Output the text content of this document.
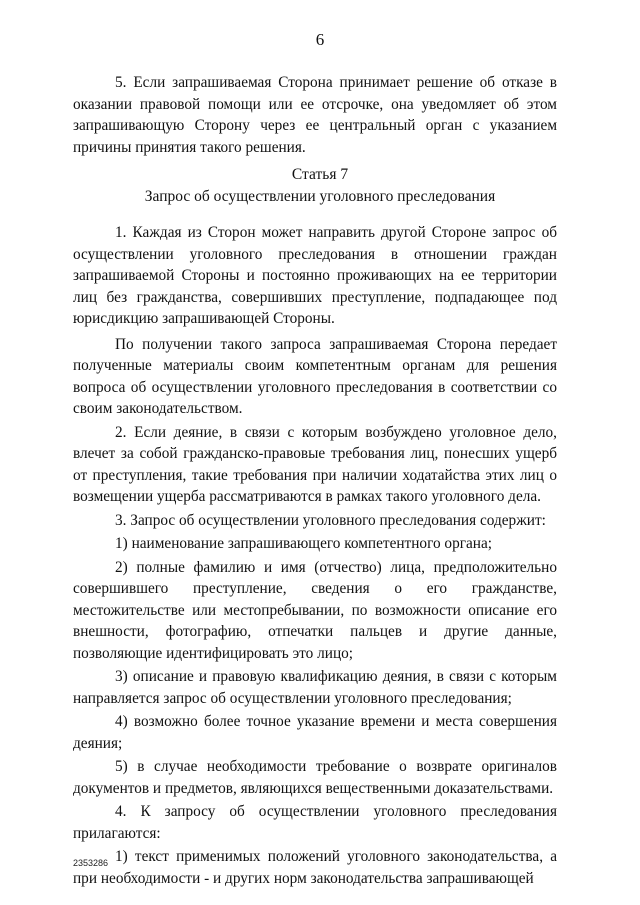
6

5. Если запрашиваемая Сторона принимает решение об отказе в оказании правовой помощи или ее отсрочке, она уведомляет об этом запрашивающую Сторону через ее центральный орган с указанием причины принятия такого решения.

Статья 7
Запрос об осуществлении уголовного преследования

1. Каждая из Сторон может направить другой Стороне запрос об осуществлении уголовного преследования в отношении граждан запрашиваемой Стороны и постоянно проживающих на ее территории лиц без гражданства, совершивших преступление, подпадающее под юрисдикцию запрашивающей Стороны.

По получении такого запроса запрашиваемая Сторона передает полученные материалы своим компетентным органам для решения вопроса об осуществлении уголовного преследования в соответствии со своим законодательством.

2. Если деяние, в связи с которым возбуждено уголовное дело, влечет за собой гражданско-правовые требования лиц, понесших ущерб от преступления, такие требования при наличии ходатайства этих лиц о возмещении ущерба рассматриваются в рамках такого уголовного дела.

3. Запрос об осуществлении уголовного преследования содержит:

1) наименование запрашивающего компетентного органа;

2) полные фамилию и имя (отчество) лица, предположительно совершившего преступление, сведения о его гражданстве, местожительстве или местопребывании, по возможности описание его внешности, фотографию, отпечатки пальцев и другие данные, позволяющие идентифицировать это лицо;

3) описание и правовую квалификацию деяния, в связи с которым направляется запрос об осуществлении уголовного преследования;

4) возможно более точное указание времени и места совершения деяния;

5) в случае необходимости требование о возврате оригиналов документов и предметов, являющихся вещественными доказательствами.

4. К запросу об осуществлении уголовного преследования прилагаются:

1) текст применимых положений уголовного законодательства, а при необходимости - и других норм законодательства запрашивающей

2353286
